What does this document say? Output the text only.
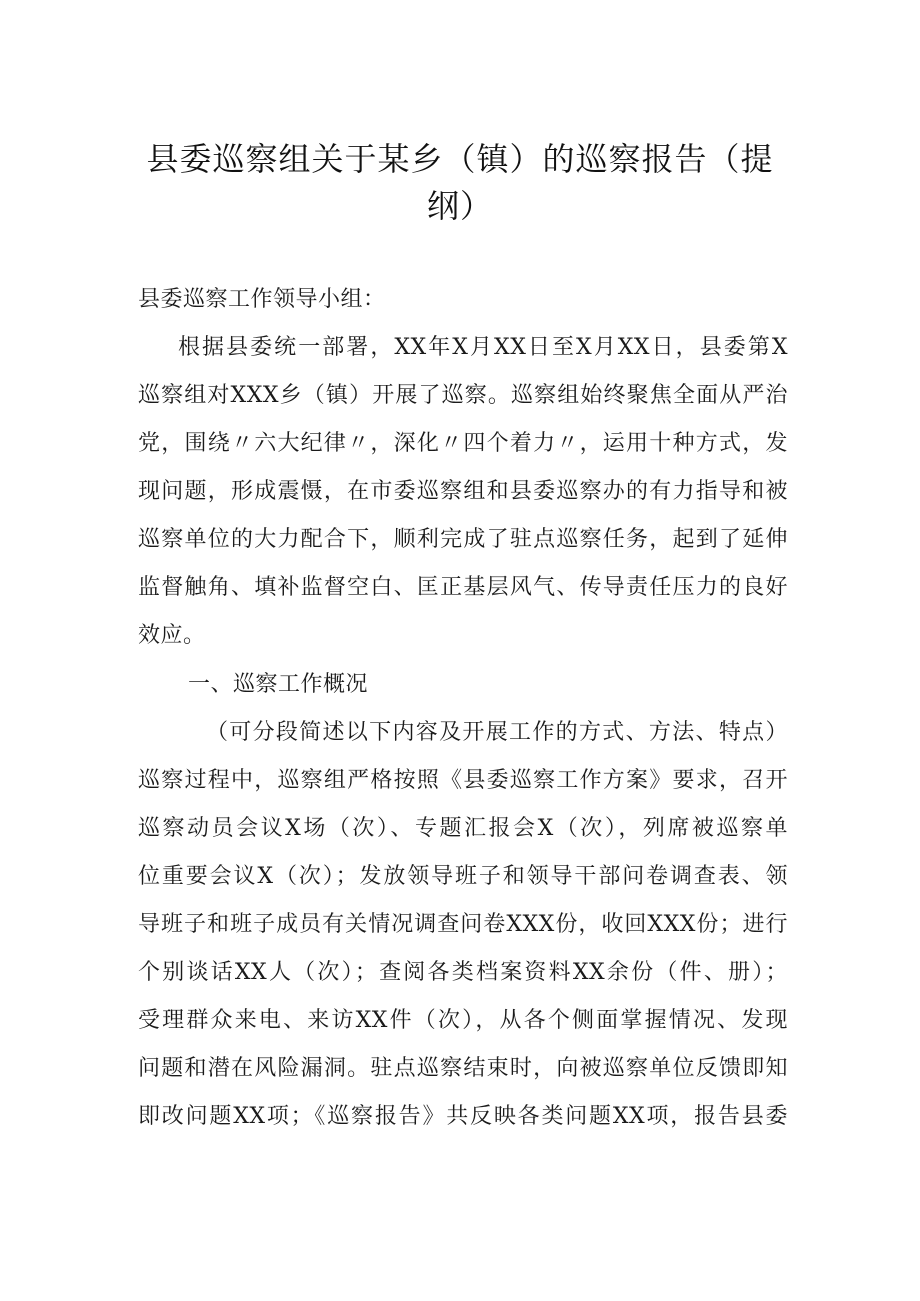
县委巡察组关于某乡（镇）的巡察报告（提
纲）
县委巡察工作领导小组：
根据县委统一部署，XX年X月XX日至X月XX日，县委第X
巡察组对XXX乡（镇）开展了巡察。巡察组始终聚焦全面从严治
党，围绕〃六大纪律〃，深化〃四个着力〃，运用十种方式，发
现问题，形成震慑，在市委巡察组和县委巡察办的有力指导和被
巡察单位的大力配合下，顺利完成了驻点巡察任务，起到了延伸
监督触角、填补监督空白、匡正基层风气、传导责任压力的良好
效应。
一、巡察工作概况
（可分段简述以下内容及开展工作的方式、方法、特点）
巡察过程中，巡察组严格按照《县委巡察工作方案》要求，召开
巡察动员会议X场（次）、专题汇报会X（次），列席被巡察单
位重要会议X（次）；发放领导班子和领导干部问卷调查表、领
导班子和班子成员有关情况调查问卷XXX份，收回XXX份；进行
个别谈话XX人（次）；查阅各类档案资料XX余份（件、册）；
受理群众来电、来访XX件（次），从各个侧面掌握情况、发现
问题和潜在风险漏洞。驻点巡察结束时，向被巡察单位反馈即知
即改问题XX项；《巡察报告》共反映各类问题XX项，报告县委
